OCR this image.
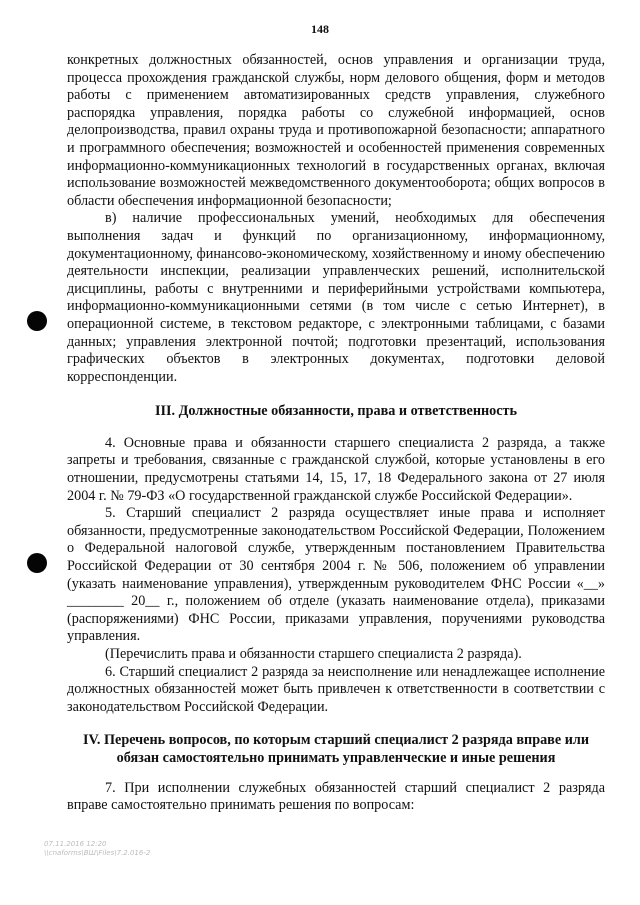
148

конкретных должностных обязанностей, основ управления и организации труда, процесса прохождения гражданской службы, норм делового общения, форм и методов работы с применением автоматизированных средств управления, служебного распорядка управления, порядка работы со служебной информацией, основ делопроизводства, правил охраны труда и противопожарной безопасности; аппаратного и программного обеспечения; возможностей и особенностей применения современных информационно-коммуникационных технологий в государственных органах, включая использование возможностей межведомственного документооборота; общих вопросов в области обеспечения информационной безопасности;

в) наличие профессиональных умений, необходимых для обеспечения выполнения задач и функций по организационному, информационному, документационному, финансово-экономическому, хозяйственному и иному обеспечению деятельности инспекции, реализации управленческих решений, исполнительской дисциплины, работы с внутренними и периферийными устройствами компьютера, информационно-коммуникационными сетями (в том числе с сетью Интернет), в операционной системе, в текстовом редакторе, с электронными таблицами, с базами данных; управления электронной почтой; подготовки презентаций, использования графических объектов в электронных документах, подготовки деловой корреспонденции.

III. Должностные обязанности, права и ответственность

4. Основные права и обязанности старшего специалиста 2 разряда, а также запреты и требования, связанные с гражданской службой, которые установлены в его отношении, предусмотрены статьями 14, 15, 17, 18 Федерального закона от 27 июля 2004 г. № 79-ФЗ «О государственной гражданской службе Российской Федерации».

5. Старший специалист 2 разряда осуществляет иные права и исполняет обязанности, предусмотренные законодательством Российской Федерации, Положением о Федеральной налоговой службе, утвержденным постановлением Правительства Российской Федерации от 30 сентября 2004 г. № 506, положением об управлении (указать наименование управления), утвержденным руководителем ФНС России «__» ________ 20__ г., положением об отделе (указать наименование отдела), приказами (распоряжениями) ФНС России, приказами управления, поручениями руководства управления.

(Перечислить права и обязанности старшего специалиста 2 разряда).

6. Старший специалист 2 разряда за неисполнение или ненадлежащее исполнение должностных обязанностей может быть привлечен к ответственности в соответствии с законодательством Российской Федерации.

IV. Перечень вопросов, по которым старший специалист 2 разряда вправе или обязан самостоятельно принимать управленческие и иные решения

7. При исполнении служебных обязанностей старший специалист 2 разряда вправе самостоятельно принимать решения по вопросам:

07.11.2016 12:20
\\cnaforms\ВШ\Files\7.2.016-2
